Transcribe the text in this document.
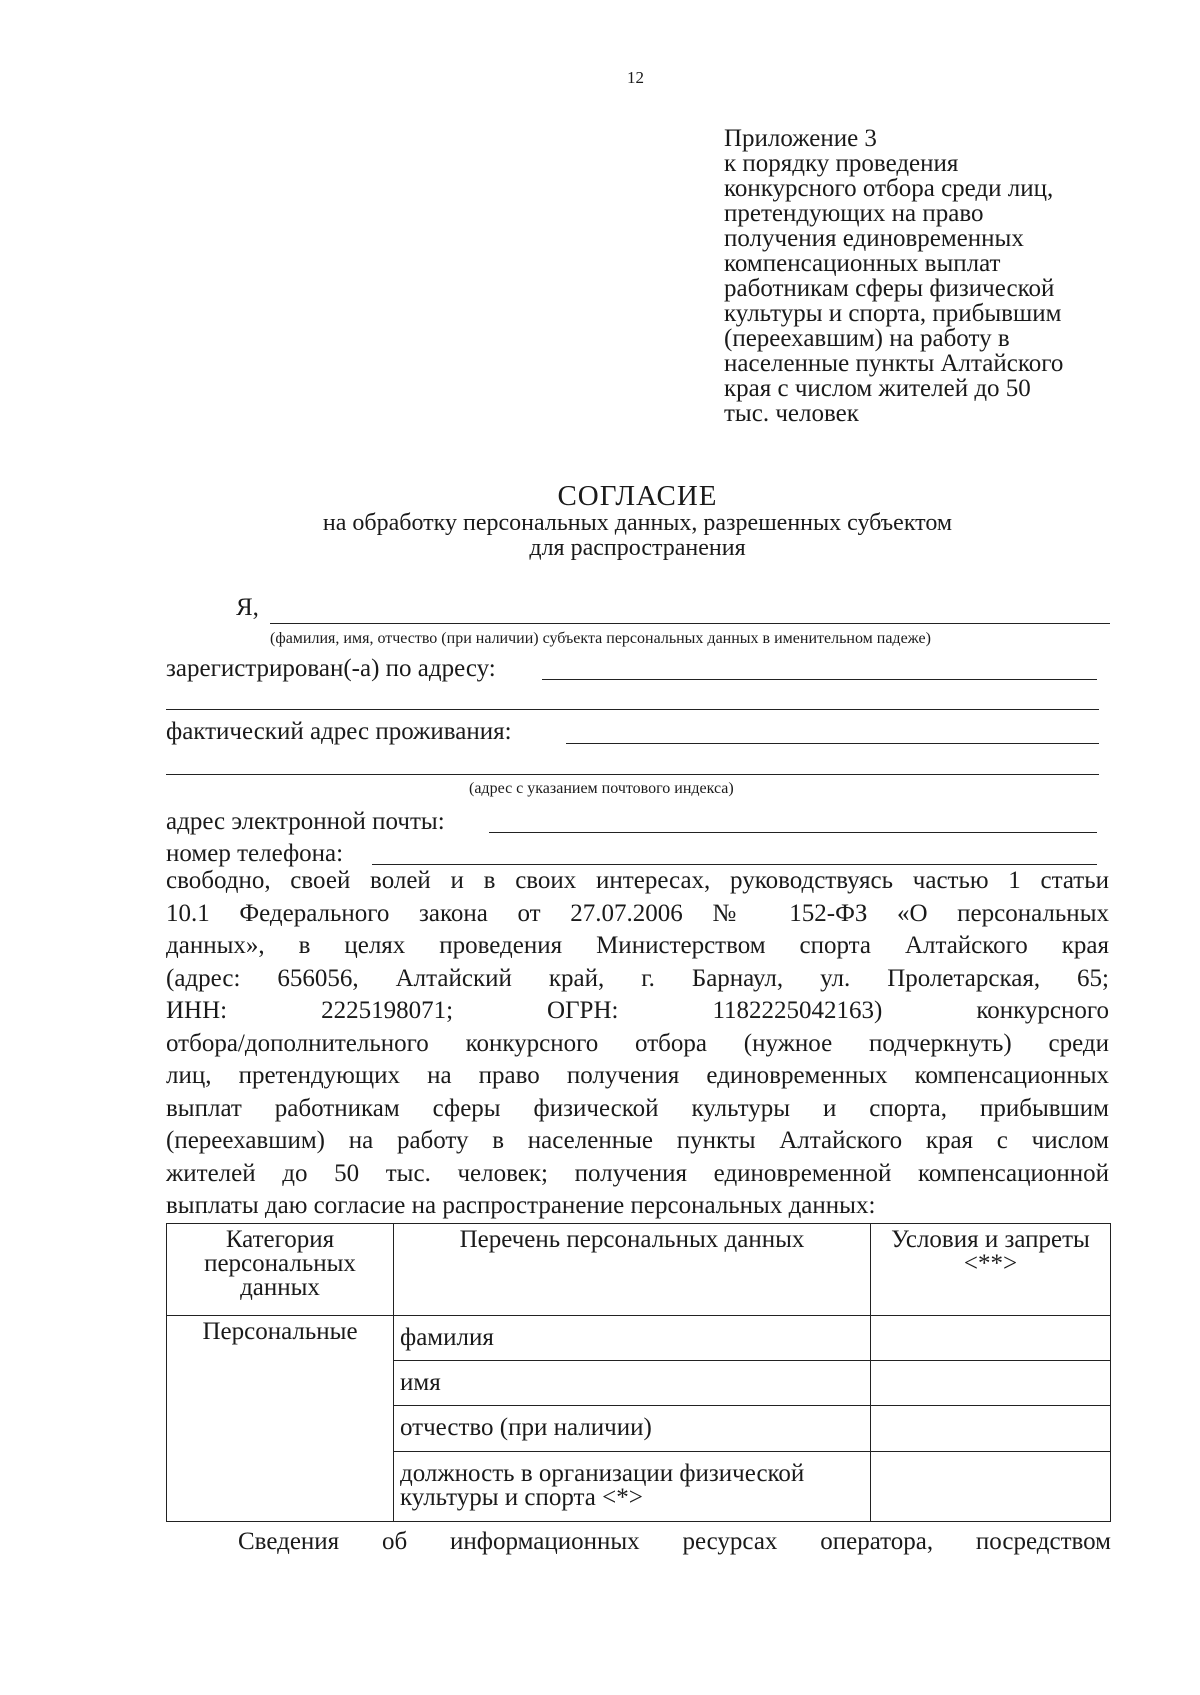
12
Приложение 3
к порядку проведения
конкурсного отбора среди лиц,
претендующих на право
получения единовременных
компенсационных выплат
работникам сферы физической
культуры и спорта, прибывшим
(переехавшим) на работу в
населенные пункты Алтайского
края с числом жителей до 50
тыс. человек
СОГЛАСИЕ
на обработку персональных данных, разрешенных субъектом
для распространения
Я,
(фамилия, имя, отчество (при наличии) субъекта персональных данных в именительном падеже)
зарегистрирован(-а) по адресу:
фактический адрес проживания:
(адрес с указанием почтового индекса)
адрес электронной почты:
номер телефона:
свободно, своей волей и в своих интересах, руководствуясь частью 1 статьи
10.1 Федерального закона от 27.07.2006 № 152-ФЗ «О персональных
данных», в целях проведения Министерством спорта Алтайского края
(адрес: 656056, Алтайский край, г. Барнаул, ул. Пролетарская, 65;
ИНН: 2225198071; ОГРН: 1182225042163) конкурсного
отбора/дополнительного конкурсного отбора (нужное подчеркнуть) среди
лиц, претендующих на право получения единовременных компенсационных
выплат работникам сферы физической культуры и спорта, прибывшим
(переехавшим) на работу в населенные пункты Алтайского края с числом
жителей до 50 тыс. человек; получения единовременной компенсационной
выплаты даю согласие на распространение персональных данных:
Категория персональных данных	Перечень персональных данных	Условия и запреты <**>
Персональные	фамилия	
	имя	
	отчество (при наличии)	
	должность в организации физической культуры и спорта <*>	
Сведения об информационных ресурсах оператора, посредством
